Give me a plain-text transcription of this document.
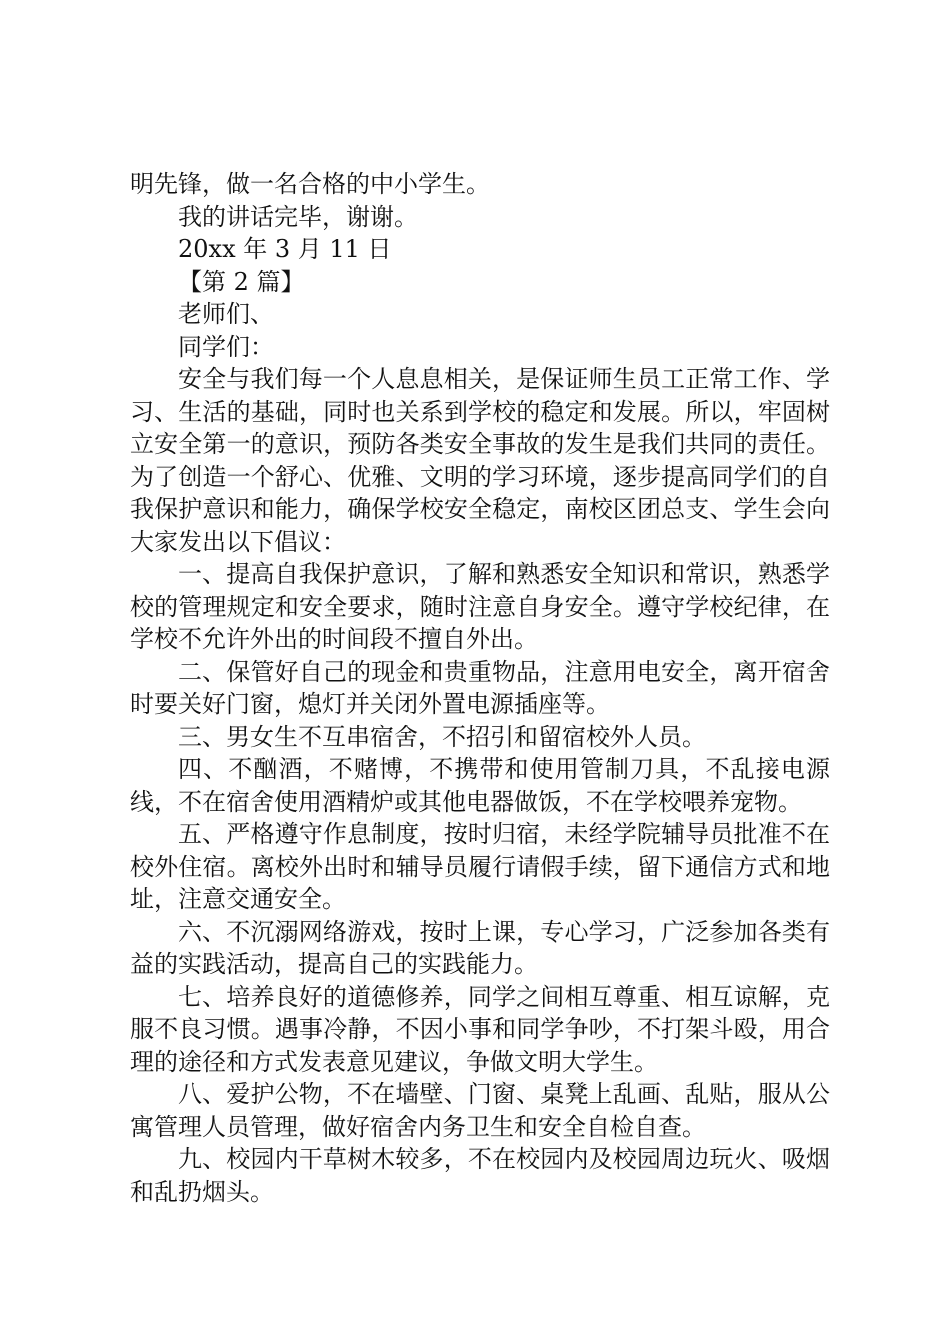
明先锋，做一名合格的中小学生。

我的讲话完毕，谢谢。

20xx 年 3 月 11 日

【第 2 篇】

老师们、

同学们：

安全与我们每一个人息息相关，是保证师生员工正常工作、学习、生活的基础，同时也关系到学校的稳定和发展。所以，牢固树立安全第一的意识，预防各类安全事故的发生是我们共同的责任。为了创造一个舒心、优雅、文明的学习环境，逐步提高同学们的自我保护意识和能力，确保学校安全稳定，南校区团总支、学生会向大家发出以下倡议：

一、提高自我保护意识，了解和熟悉安全知识和常识，熟悉学校的管理规定和安全要求，随时注意自身安全。遵守学校纪律，在学校不允许外出的时间段不擅自外出。

二、保管好自己的现金和贵重物品，注意用电安全，离开宿舍时要关好门窗，熄灯并关闭外置电源插座等。

三、男女生不互串宿舍，不招引和留宿校外人员。

四、不酗酒，不赌博，不携带和使用管制刀具，不乱接电源线，不在宿舍使用酒精炉或其他电器做饭，不在学校喂养宠物。

五、严格遵守作息制度，按时归宿，未经学院辅导员批准不在校外住宿。离校外出时和辅导员履行请假手续，留下通信方式和地址，注意交通安全。

六、不沉溺网络游戏，按时上课，专心学习，广泛参加各类有益的实践活动，提高自己的实践能力。

七、培养良好的道德修养，同学之间相互尊重、相互谅解，克服不良习惯。遇事冷静，不因小事和同学争吵，不打架斗殴，用合理的途径和方式发表意见建议，争做文明大学生。

八、爱护公物，不在墙壁、门窗、桌凳上乱画、乱贴，服从公寓管理人员管理，做好宿舍内务卫生和安全自检自查。

九、校园内干草树木较多，不在校园内及校园周边玩火、吸烟和乱扔烟头。
